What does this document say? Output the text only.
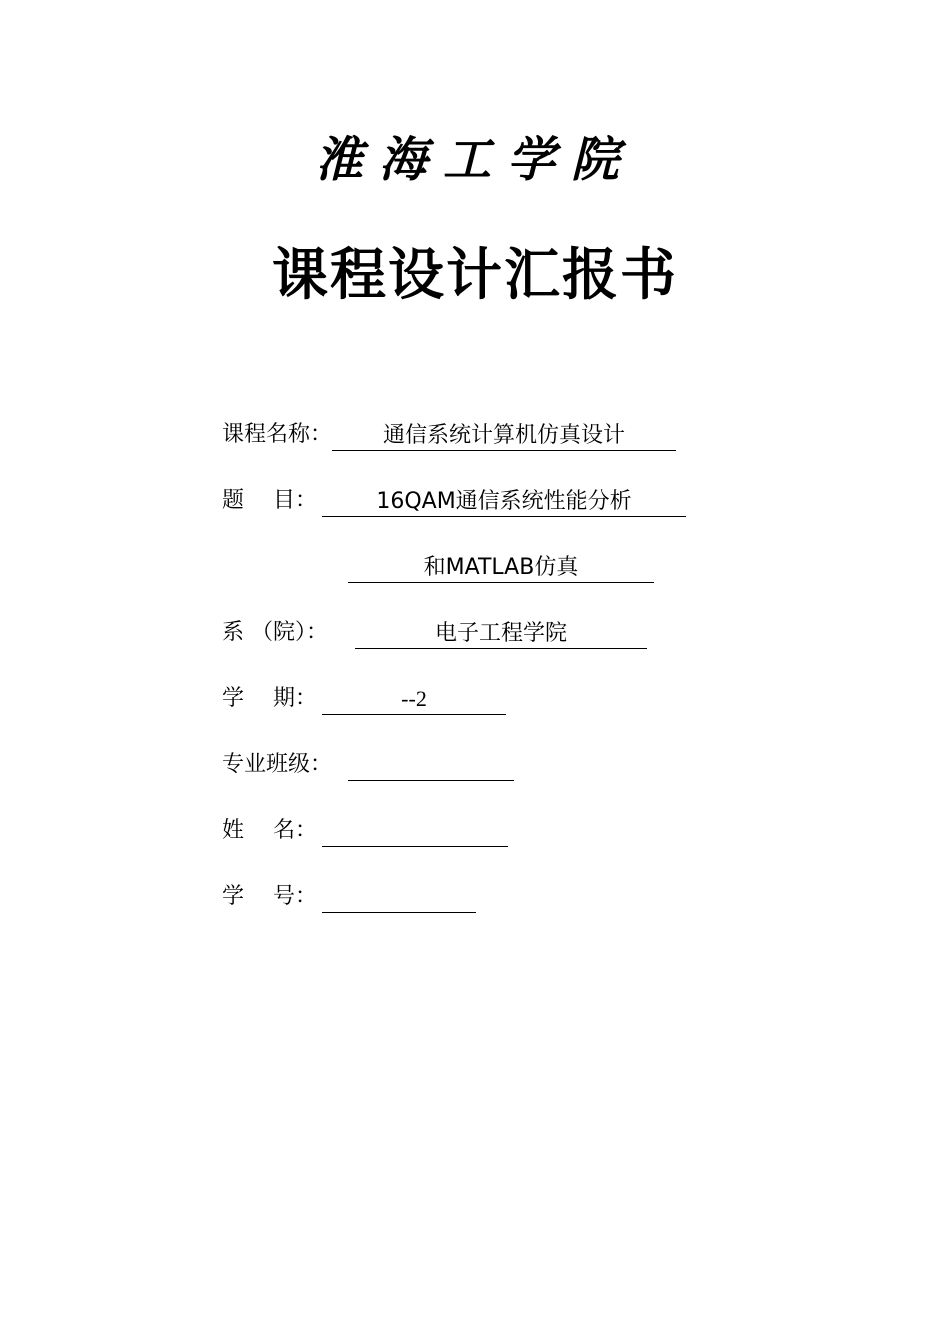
淮海工学院
课程设计汇报书
课程名称： 通信系统计算机仿真设计
题　 目：	16QAM通信系统性能分析
和MATLAB仿真
系 （院）：	电子工程学院
学　 期：	--2
专业班级：
姓　 名：
学　 号：
